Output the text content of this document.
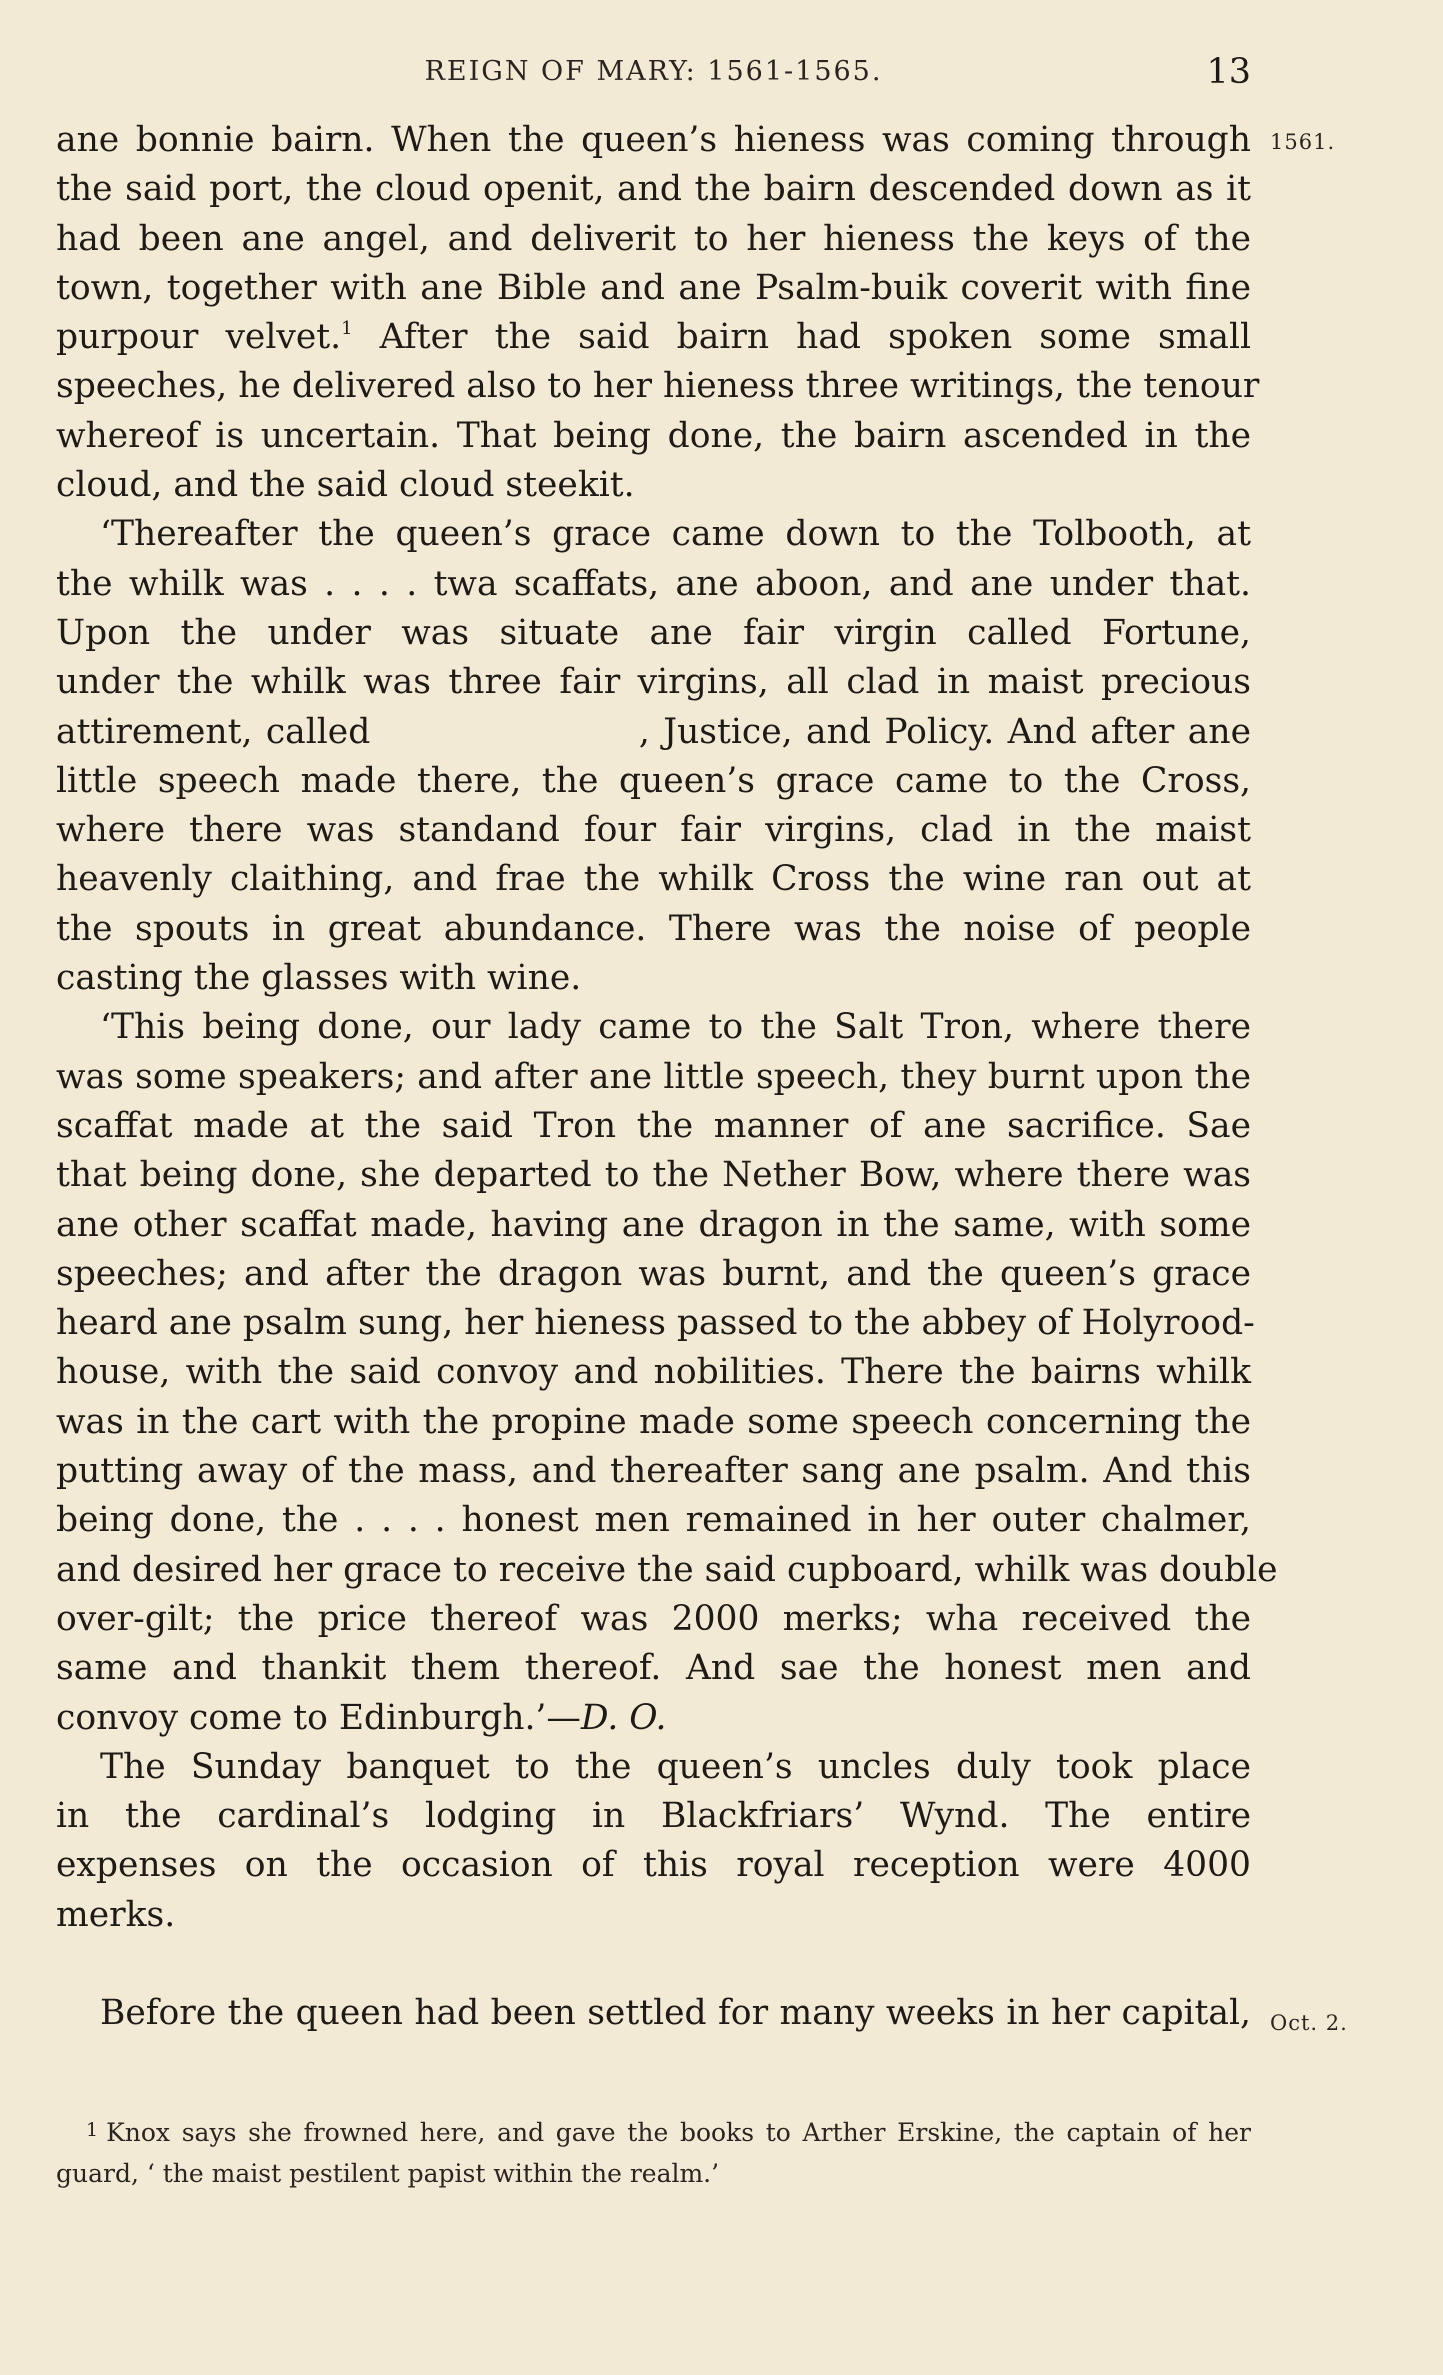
REIGN OF MARY: 1561-1565.	13
1561.
Oct. 2.
ane bonnie bairn. When the queen’s hieness was coming through
the said port, the cloud openit, and the bairn descended down as it
had been ane angel, and deliverit to her hieness the keys of the
town, together with ane Bible and ane Psalm-buik coverit with fine
purpour velvet.$^1$ After the said bairn had spoken some small
speeches, he delivered also to her hieness three writings, the tenour
whereof is uncertain. That being done, the bairn ascended in the
cloud, and the said cloud steekit.
‘Thereafter the queen’s grace came down to the Tolbooth, at
the whilk was . . . . twa scaffats, ane aboon, and ane under that.
Upon the under was situate ane fair virgin called Fortune,
under the whilk was three fair virgins, all clad in maist precious
attirement, called                    , Justice, and Policy. And after ane
little speech made there, the queen’s grace came to the Cross,
where there was standand four fair virgins, clad in the maist
heavenly claithing, and frae the whilk Cross the wine ran out at
the spouts in great abundance. There was the noise of people
casting the glasses with wine.
‘This being done, our lady came to the Salt Tron, where there
was some speakers; and after ane little speech, they burnt upon the
scaffat made at the said Tron the manner of ane sacrifice. Sae
that being done, she departed to the Nether Bow, where there was
ane other scaffat made, having ane dragon in the same, with some
speeches; and after the dragon was burnt, and the queen’s grace
heard ane psalm sung, her hieness passed to the abbey of Holyrood-
house, with the said convoy and nobilities. There the bairns whilk
was in the cart with the propine made some speech concerning the
putting away of the mass, and thereafter sang ane psalm. And this
being done, the . . . . honest men remained in her outer chalmer,
and desired her grace to receive the said cupboard, whilk was double
over-gilt; the price thereof was 2000 merks; wha received the
same and thankit them thereof. And sae the honest men and
convoy come to Edinburgh.’—D. O.
The Sunday banquet to the queen’s uncles duly took place
in the cardinal’s lodging in Blackfriars’ Wynd. The entire
expenses on the occasion of this royal reception were 4000
merks.
Before the queen had been settled for many weeks in her capital,
$^1$ Knox says she frowned here, and gave the books to Arther Erskine, the captain of her
guard, ‘ the maist pestilent papist within the realm.’
